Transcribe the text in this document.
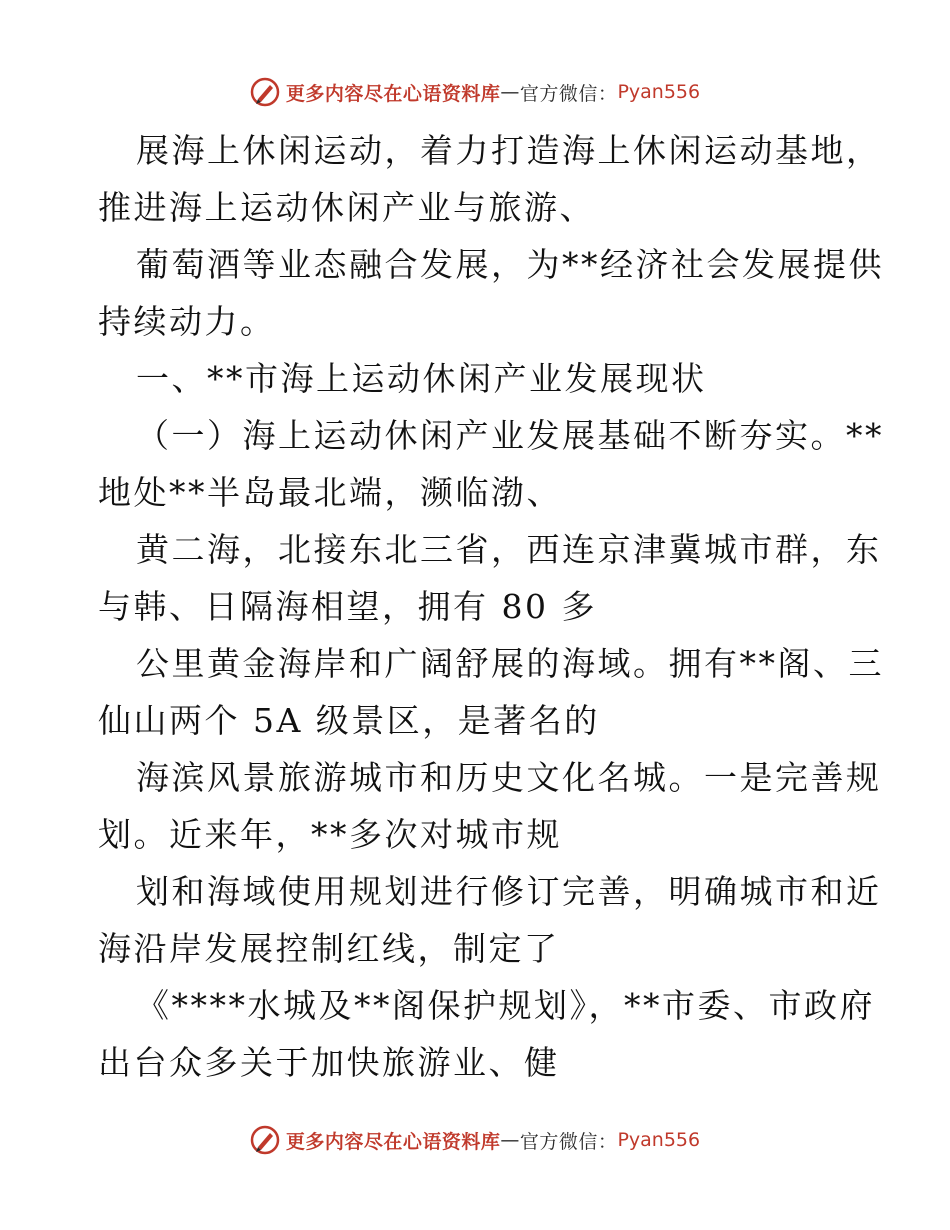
更多内容尽在心语资料库 — 官方微信： Pyan556
展海上休闲运动，着力打造海上休闲运动基地，
推进海上运动休闲产业与旅游、
葡萄酒等业态融合发展，为**经济社会发展提供
持续动力。
一、**市海上运动休闲产业发展现状
（一）海上运动休闲产业发展基础不断夯实。**
地处**半岛最北端，濒临渤、
黄二海，北接东北三省，西连京津冀城市群，东
与韩、日隔海相望，拥有 80 多
公里黄金海岸和广阔舒展的海域。拥有**阁、三
仙山两个 5A 级景区，是著名的
海滨风景旅游城市和历史文化名城。一是完善规
划。近来年，**多次对城市规
划和海域使用规划进行修订完善，明确城市和近
海沿岸发展控制红线，制定了
《****水城及**阁保护规划》，**市委、市政府
出台众多关于加快旅游业、健
更多内容尽在心语资料库 — 官方微信： Pyan556
